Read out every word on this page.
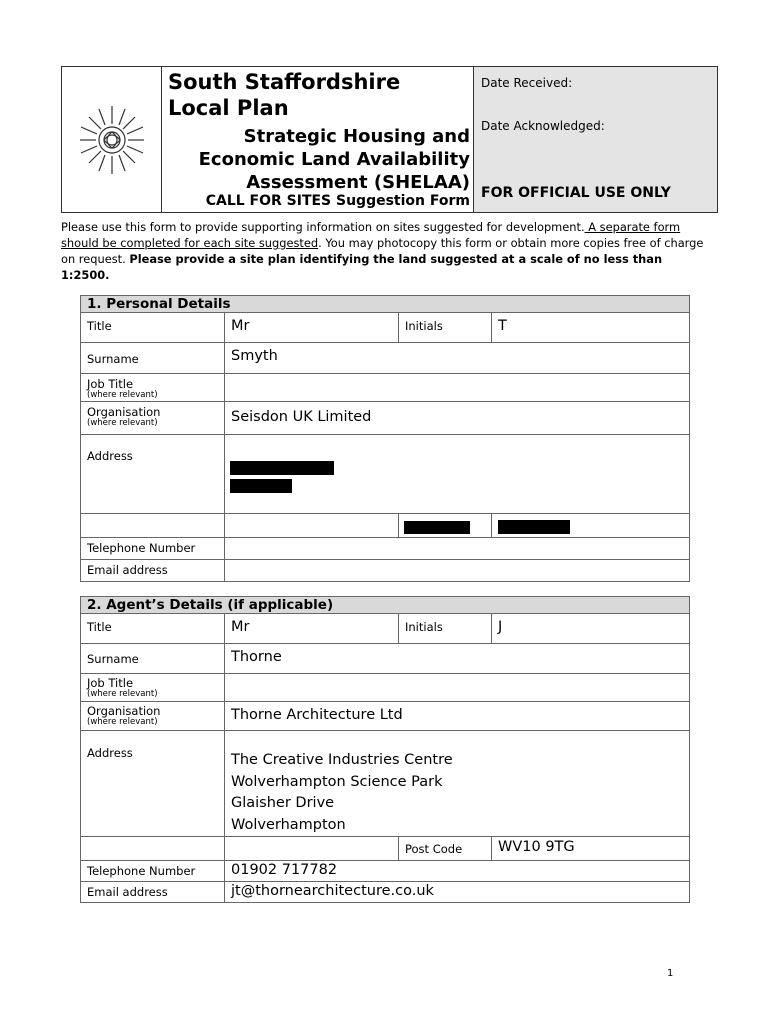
South Staffordshire
Local Plan
Strategic Housing and
Economic Land Availability
Assessment (SHELAA)
CALL FOR SITES Suggestion Form
Date Received:
Date Acknowledged:
FOR OFFICIAL USE ONLY
Please use this form to provide supporting information on sites suggested for development. A separate form should be completed for each site suggested. You may photocopy this form or obtain more copies free of charge on request. Please provide a site plan identifying the land suggested at a scale of no less than 1:2500.
1. Personal Details			
Title	Mr	Initials	T
Surname	Smyth		
Job Title
(where relevant)			

Organisation
(where relevant)	Seisdon UK Limited		
Address			

Telephone Number			
Email address			
2. Agent’s Details (if applicable)			
Title	Mr	Initials	J
Surname	Thorne		
Job Title
(where relevant)			

Organisation
(where relevant)	Thorne Architecture Ltd		
Address	The Creative Industries Centre
Wolverhampton Science Park
Glaisher Drive
Wolverhampton		

		Post Code	WV10 9TG
Telephone Number	01902 717782		
Email address	jt@thornearchitecture.co.uk		
1
